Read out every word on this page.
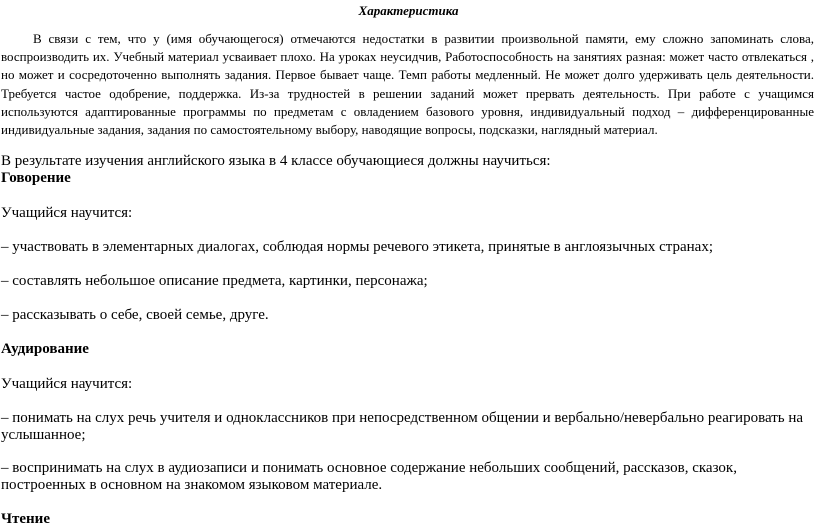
Характеристика

В связи с тем, что у (имя обучающегося) отмечаются недостатки в развитии произвольной памяти, ему сложно запоминать слова, воспроизводить их. Учебный материал усваивает плохо. На уроках неусидчив, Работоспособность на занятиях разная: может часто отвлекаться , но может и сосредоточенно выполнять задания. Первое бывает чаще. Темп работы медленный. Не может долго удерживать цель деятельности. Требуется частое одобрение, поддержка. Из-за трудностей в решении заданий может прервать деятельность. При работе с учащимся используются адаптированные программы по предметам с овладением базового уровня, индивидуальный подход – дифференцированные индивидуальные задания, задания по самостоятельному выбору, наводящие вопросы, подсказки, наглядный материал.

В результате изучения английского языка в 4 классе обучающиеся должны научиться:

Говорение

Учащийся научится:

– участвовать в элементарных диалогах, соблюдая нормы речевого этикета, принятые в англоязычных странах;

– составлять небольшое описание предмета, картинки, персонажа;

– рассказывать о себе, своей семье, друге.

Аудирование

Учащийся научится:

– понимать на слух речь учителя и одноклассников при непосредственном общении и вербально/невербально реагировать на услышанное;

– воспринимать на слух в аудиозаписи и понимать основное содержание небольших сообщений, рассказов, сказок, построенных в основном на знакомом языковом материале.

Чтение
